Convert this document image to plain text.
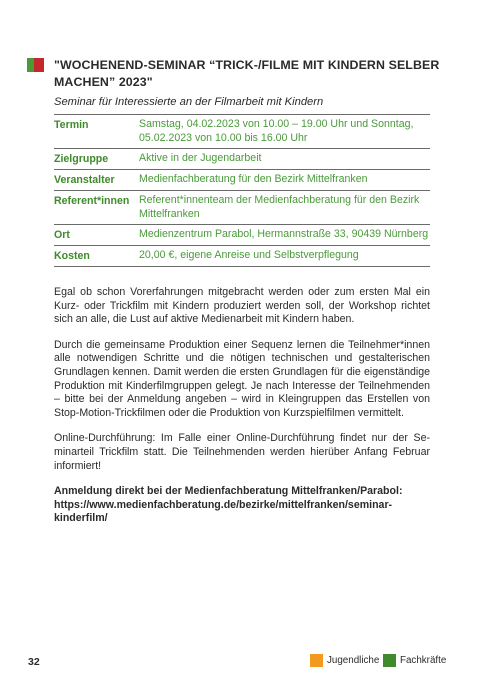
"WOCHENEND-SEMINAR “TRICK-/FILME MIT KINDERN SELBER MACHEN” 2023"
Seminar für Interessierte an der Filmarbeit mit Kindern
Termin	Samstag, 04.02.2023 von 10.00 – 19.00 Uhr und Sonntag, 05.02.2023 von 10.00 bis 16.00 Uhr
Zielgruppe	Aktive in der Jugendarbeit
Veranstalter	Medienfachberatung für den Bezirk Mittelfranken
Referent*innen	Referent*innenteam der Medienfachberatung für den Bezirk Mittelfranken
Ort	Medienzentrum Parabol, Hermannstraße 33, 90439 Nürnberg
Kosten	20,00 €, eigene Anreise und Selbstverpflegung

Egal ob schon Vorerfahrungen mitgebracht werden oder zum ersten Mal ein Kurz- oder Trickfilm mit Kindern produziert werden soll, der Workshop richtet sich an alle, die Lust auf aktive Medienarbeit mit Kindern haben.

Durch die gemeinsame Produktion einer Sequenz lernen die Teilnehmer*innen alle notwendigen Schritte und die nötigen technischen und gestalterischen Grundlagen kennen. Damit werden die ersten Grundlagen für die eigenständige Produktion mit Kinderfilmgruppen gelegt. Je nach Interesse der Teilnehmenden – bitte bei der Anmeldung angeben – wird in Kleingruppen das Erstellen von Stop-Motion-Trickfilmen oder die Produktion von Kurzspielfilmen vermittelt.

Online-Durchführung: Im Falle einer Online-Durchführung findet nur der Seminarteil Trickfilm statt. Die Teilnehmenden werden hierüber Anfang Februar informiert!

Anmeldung direkt bei der Medienfachberatung Mittelfranken/Parabol:
https://www.medienfachberatung.de/bezirke/mittelfranken/seminar-kinderfilm/

32	Jugendliche Fachkräfte
